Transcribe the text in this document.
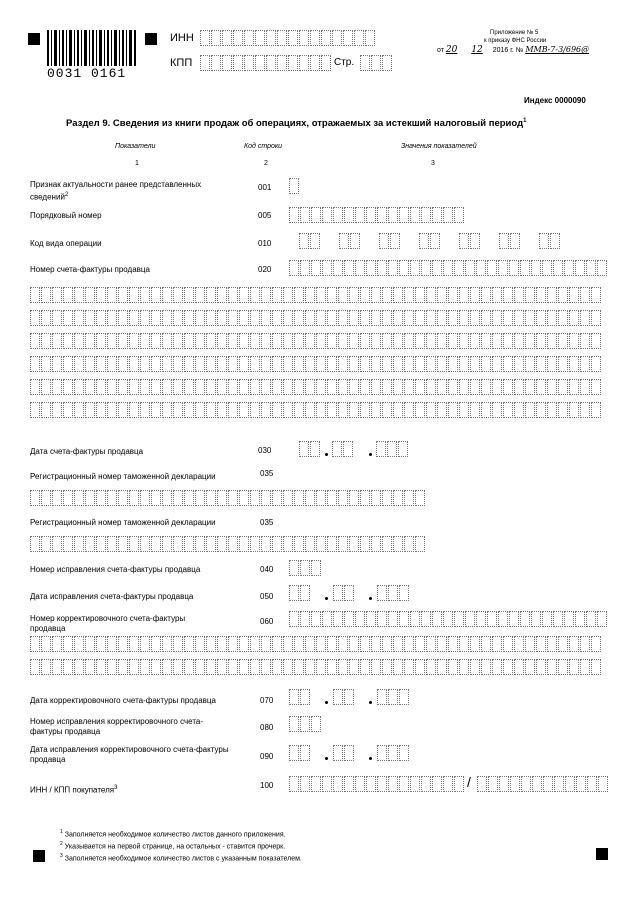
0031 0161
ИНН
КПП	Стр.
Приложение № 5
к приказу ФНС России
от 20 12 2016 г. № ММВ-7-3/696@
Индекс 0000090
Раздел 9. Сведения из книги продаж об операциях, отражаемых за истекший налоговый период$^1$
Показатели	Код строки	Значения показателей
1	2	3
Признак актуальности ранее представленных сведений$^2$
001
Порядковый номер	005
Код вида операции	010
Номер счета-фактуры продавца	020
Дата счета-фактуры продавца	030
Регистрационный номер таможенной декларации	035
Регистрационный номер таможенной декларации	035
Номер исправления счета-фактуры продавца	040
Дата исправления счета-фактуры продавца	050
Номер корректировочного счета-фактуры продавца
060
Дата корректировочного счета-фактуры продавца	070
Номер исправления корректировочного счета-фактуры продавца	080
Дата исправления корректировочного счета-фактуры продавца	090
ИНН / КПП покупателя$^3$	100	/
$^1$ Заполняется необходимое количество листов данного приложения.
$^2$ Указывается на первой странице, на остальных - ставится прочерк.
$^3$ Заполняется необходимое количество листов с указанным показателем.
